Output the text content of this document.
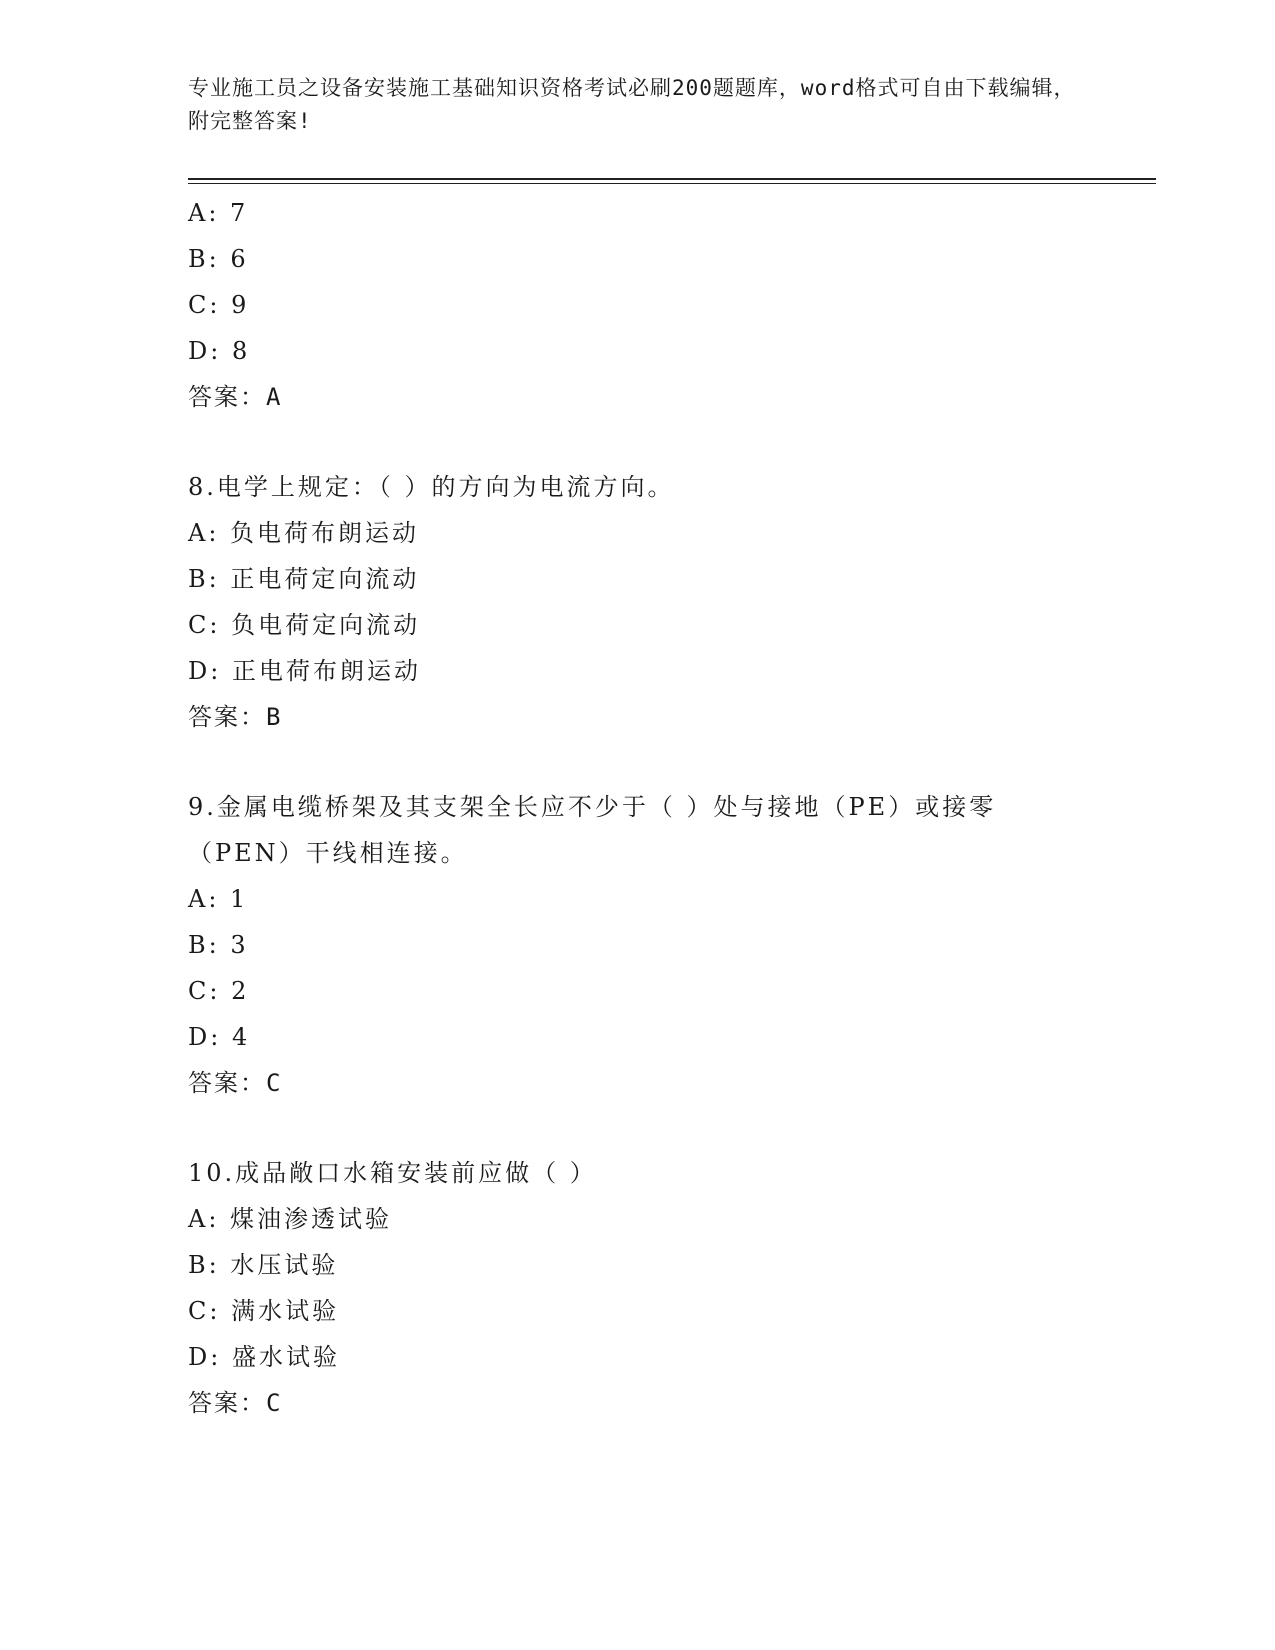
专业施工员之设备安装施工基础知识资格考试必刷200题题库，word格式可自由下载编辑，附完整答案!
A: 7
B: 6
C: 9
D: 8
答案：A
8.电学上规定：（ ）的方向为电流方向。
A: 负电荷布朗运动
B: 正电荷定向流动
C: 负电荷定向流动
D: 正电荷布朗运动
答案：B
9.金属电缆桥架及其支架全长应不少于（ ）处与接地（PE）或接零（PEN）干线相连接。
A: 1
B: 3
C: 2
D: 4
答案：C
10.成品敞口水箱安装前应做（ ）
A: 煤油渗透试验
B: 水压试验
C: 满水试验
D: 盛水试验
答案：C
